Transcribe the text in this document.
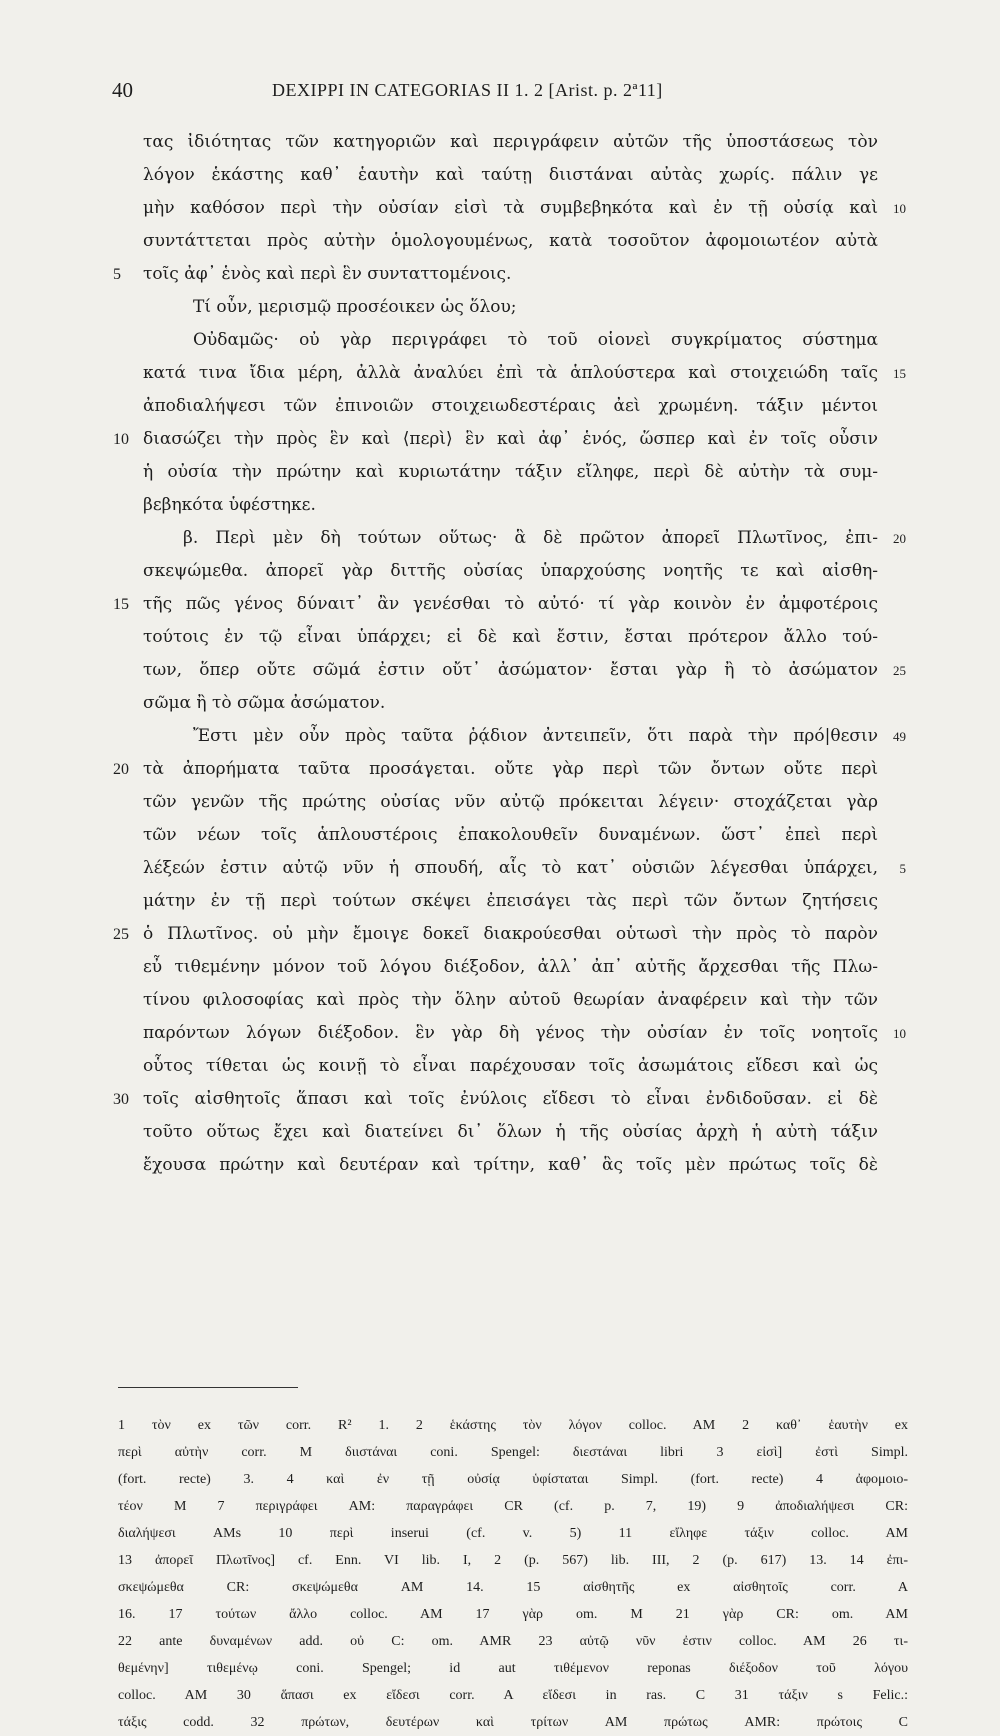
40	DEXIPPI IN CATEGORIAS II 1. 2 [Arist. p. 2ª11]
τας ἰδιότητας τῶν κατηγοριῶν καὶ περιγράφειν αὐτῶν τῆς ὑποστάσεως τὸν
λόγον ἑκάστης καθ᾽ ἑαυτὴν καὶ ταύτῃ διιστάναι αὐτὰς χωρίς. πάλιν γε
μὴν καθόσον περὶ τὴν οὐσίαν εἰσὶ τὰ συμβεβηκότα καὶ ἐν τῇ οὐσίᾳ καὶ 10
συντάττεται πρὸς αὐτὴν ὁμολογουμένως, κατὰ τοσοῦτον ἀφομοιωτέον αὐτὰ
τοῖς ἀφ᾽ ἑνὸς καὶ περὶ ἓν συνταττομένοις.
5
Τί οὖν, μερισμῷ προσέοικεν ὡς ὅλου;
Οὐδαμῶς· οὐ γὰρ περιγράφει τὸ τοῦ οἱονεὶ συγκρίματος σύστημα
κατά τινα ἴδια μέρη, ἀλλὰ ἀναλύει ἐπὶ τὰ ἁπλούστερα καὶ στοιχειώδη ταῖς 15
ἀποδιαλήψεσι τῶν ἐπινοιῶν στοιχειωδεστέραις ἀεὶ χρωμένη. τάξιν μέντοι
διασώζει τὴν πρὸς ἓν καὶ ⟨περὶ⟩ ἓν καὶ ἀφ᾽ ἑνός, ὥσπερ καὶ ἐν τοῖς οὖσιν
10
ἡ οὐσία τὴν πρώτην καὶ κυριωτάτην τάξιν εἴληφε, περὶ δὲ αὐτὴν τὰ συμ-
βεβηκότα ὑφέστηκε.
β. Περὶ μὲν δὴ τούτων οὕτως· ἃ δὲ πρῶτον ἀπορεῖ Πλωτῖνος, ἐπι- 20
σκεψώμεθα. ἀπορεῖ γὰρ διττῆς οὐσίας ὑπαρχούσης νοητῆς τε καὶ αἰσθη-
τῆς πῶς γένος δύναιτ᾽ ἂν γενέσθαι τὸ αὐτό· τί γὰρ κοινὸν ἐν ἀμφοτέροις
15
τούτοις ἐν τῷ εἶναι ὑπάρχει; εἰ δὲ καὶ ἔστιν, ἔσται πρότερον ἄλλο τού-
των, ὅπερ οὔτε σῶμά ἐστιν οὔτ᾽ ἀσώματον· ἔσται γὰρ ἢ τὸ ἀσώματον 25
σῶμα ἢ τὸ σῶμα ἀσώματον.
Ἔστι μὲν οὖν πρὸς ταῦτα ῥᾴδιον ἀντειπεῖν, ὅτι παρὰ τὴν πρό|θεσιν 49
τὰ ἀπορήματα ταῦτα προσάγεται. οὔτε γὰρ περὶ τῶν ὄντων οὔτε περὶ
20
τῶν γενῶν τῆς πρώτης οὐσίας νῦν αὐτῷ πρόκειται λέγειν· στοχάζεται γὰρ
τῶν νέων τοῖς ἁπλουστέροις ἐπακολουθεῖν δυναμένων. ὥστ᾽ ἐπεὶ περὶ
λέξεών ἐστιν αὐτῷ νῦν ἡ σπουδή, αἷς τὸ κατ᾽ οὐσιῶν λέγεσθαι ὑπάρχει, 5
μάτην ἐν τῇ περὶ τούτων σκέψει ἐπεισάγει τὰς περὶ τῶν ὄντων ζητήσεις
ὁ Πλωτῖνος. οὐ μὴν ἔμοιγε δοκεῖ διακρούεσθαι οὑτωσὶ τὴν πρὸς τὸ παρὸν
25
εὖ τιθεμένην μόνον τοῦ λόγου διέξοδον, ἀλλ᾽ ἀπ᾽ αὐτῆς ἄρχεσθαι τῆς Πλω-
τίνου φιλοσοφίας καὶ πρὸς τὴν ὅλην αὐτοῦ θεωρίαν ἀναφέρειν καὶ τὴν τῶν
παρόντων λόγων διέξοδον. ἓν γὰρ δὴ γένος τὴν οὐσίαν ἐν τοῖς νοητοῖς 10
οὗτος τίθεται ὡς κοινῇ τὸ εἶναι παρέχουσαν τοῖς ἀσωμάτοις εἴδεσι καὶ ὡς
τοῖς αἰσθητοῖς ἅπασι καὶ τοῖς ἐνύλοις εἴδεσι τὸ εἶναι ἐνδιδοῦσαν. εἰ δὲ
30
τοῦτο οὕτως ἔχει καὶ διατείνει δι᾽ ὅλων ἡ τῆς οὐσίας ἀρχὴ ἡ αὐτὴ τάξιν
ἔχουσα πρώτην καὶ δευτέραν καὶ τρίτην, καθ᾽ ἃς τοῖς μὲν πρώτως τοῖς δὲ
1 τὸν ex τῶν corr. R² 1. 2 ἑκάστης τὸν λόγον colloc. AM 2 καθ᾽ ἑαυτὴν ex
περὶ αὐτὴν corr. M διιστάναι coni. Spengel: διεστάναι libri 3 εἰσὶ] ἐστὶ Simpl.
(fort. recte) 3. 4 καὶ ἐν τῇ οὐσίᾳ ὑφίσταται Simpl. (fort. recte) 4 ἀφομοιο-
τέον M 7 περιγράφει AM: παραγράφει CR (cf. p. 7, 19) 9 ἀποδιαλήψεσι CR:
διαλήψεσι AMs 10 περὶ inserui (cf. v. 5) 11 εἴληφε τάξιν colloc. AM
13 ἀπορεῖ Πλωτῖνος] cf. Enn. VI lib. I, 2 (p. 567) lib. III, 2 (p. 617) 13. 14 ἐπι-
σκεψώμεθα CR: σκεψώμεθα AM 14. 15 αἰσθητῆς ex αἰσθητοῖς corr. A
16. 17 τούτων ἄλλο colloc. AM 17 γὰρ om. M 21 γὰρ CR: om. AM
22 ante δυναμένων add. οὐ C: om. AMR 23 αὐτῷ νῦν ἐστιν colloc. AM 26 τι-
θεμένην] τιθεμένῳ coni. Spengel; id aut τιθέμενον reponas διέξοδον τοῦ λόγου
colloc. AM 30 ἅπασι ex εἴδεσι corr. A εἴδεσι in ras. C 31 τάξιν s Felic.:
τάξις codd. 32 πρώτων, δευτέρων καὶ τρίτων AM πρώτως AMR: πρώτοις C
